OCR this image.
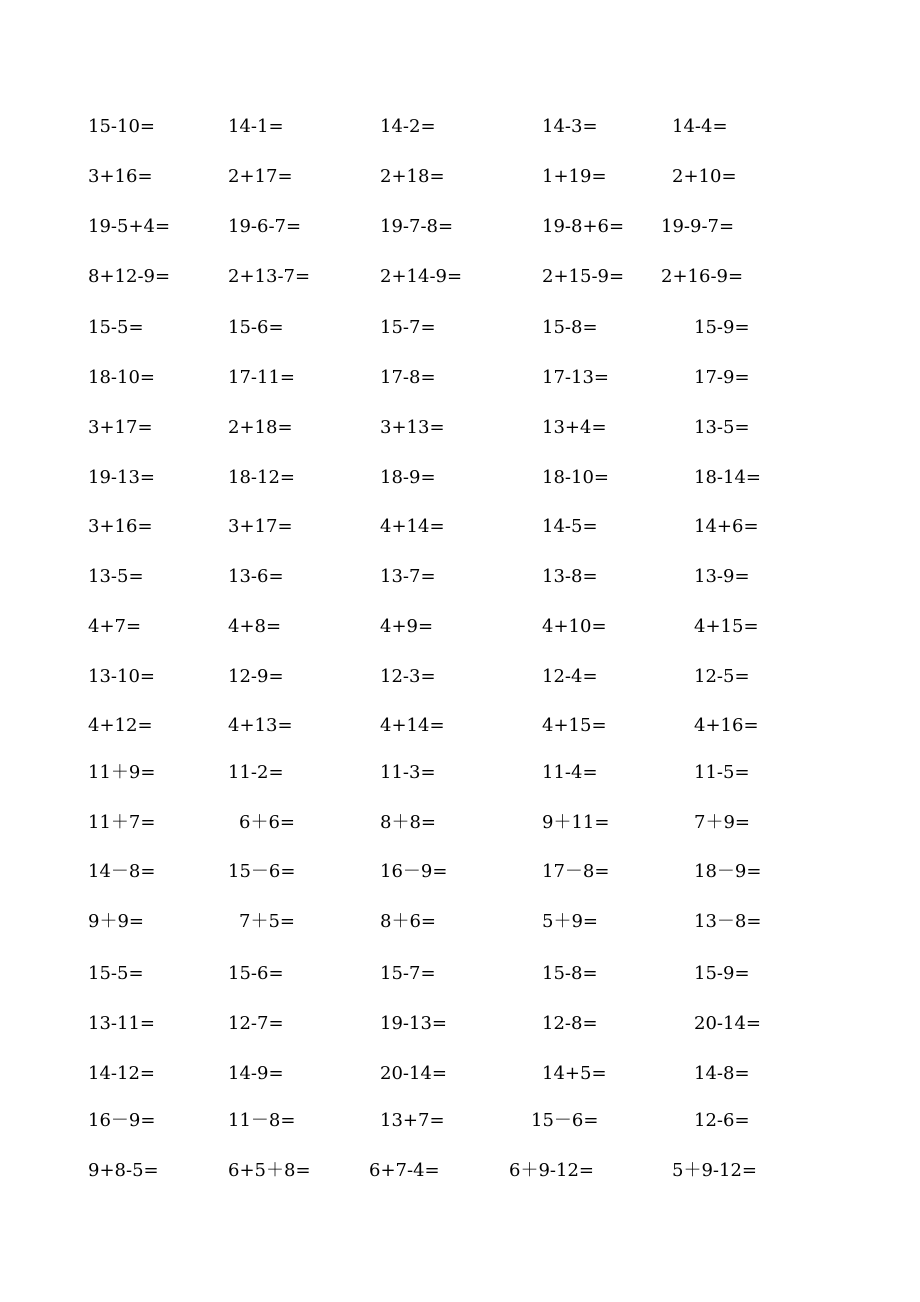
15-10=	14-1=	14-2=	14-3=	14-4=
3+16=	2+17=	2+18=	1+19=	2+10=
19-5+4=	19-6-7=	19-7-8=	19-8+6= 19-9-7=
8+12-9=	2+13-7=	2+14-9=	2+15-9= 2+16-9=
15-5=	15-6=	15-7=	15-8=	15-9=
18-10=	17-11=	17-8=	17-13=	17-9=
3+17=	2+18=	3+13=	13+4=	13-5=
19-13=	18-12=	18-9=	18-10=	18-14=
3+16=	3+17=	4+14=	14-5=	14+6=
13-5=	13-6=	13-7=	13-8=	13-9=
4+7=	4+8=	4+9=	4+10=	4+15=
13-10=	12-9=	12-3=	12-4=	12-5=
4+12=	4+13=	4+14=	4+15=	4+16=
11＋9=	11-2=	11-3=	11-4=	11-5=
11＋7=	6＋6=	8＋8=	9＋11=	7＋9=
14－8=	15－6=	16－9=	17－8=	18－9=
9＋9=	7＋5=	8＋6=	5＋9=	13－8=
15-5=	15-6=	15-7=	15-8=	15-9=
13-11=	12-7=	19-13=	12-8=	20-14=
14-12=	14-9=	20-14=	14+5=	14-8=
16－9=	11－8=	13+7=	15－6=	12-6=
9+8-5=	6+5＋8=	6+7-4=	6＋9-12=	5＋9-12=
